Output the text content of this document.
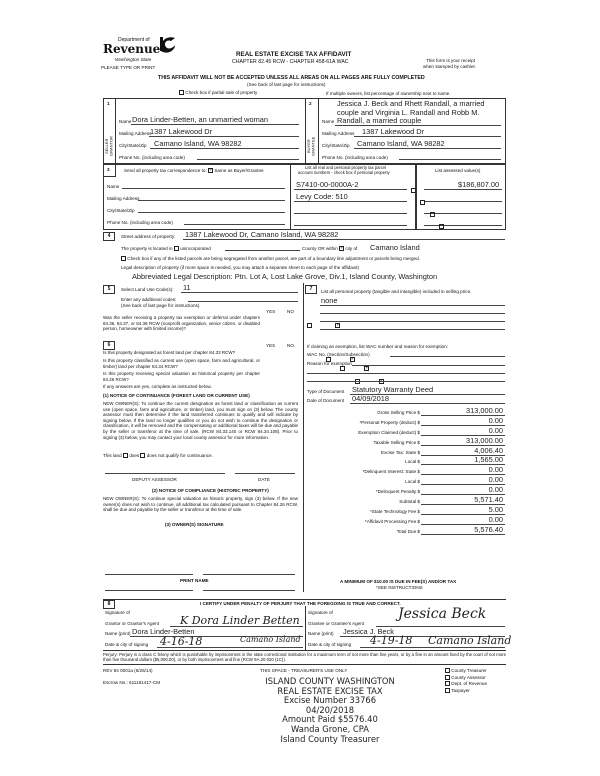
Department of
Revenue
Washington State
PLEASE TYPE OR PRINT
REAL ESTATE EXCISE TAX AFFIDAVIT
CHAPTER 82.45 RCW - CHAPTER 458-61A WAC	This form is your receipt
when stamped by cashier.
THIS AFFIDAVIT WILL NOT BE ACCEPTED UNLESS ALL AREAS ON ALL PAGES ARE FULLY COMPLETED
(See back of last page for instructions)
Check box if partial sale of property	If multiple owners, list percentage of ownership next to name.
1
SELLER GRANTOR
Name Dora Linder-Betten, an unmarried woman
Mailing Address
1387 Lakewood Dr
City/State/Zip Camano Island, WA 98282
Phone No. (including area code)
2
BUYER GRANTEE
Jessica J. Beck and Rhett Randall, a married
couple and Virginia L. Randall and Robb M.
Name Randall, a married couple
Mailing Address 1387 Lakewood Dr
City/State/Zip Camano Island, WA 98282
Phone No. (including area code)
3	Send all property tax correspondence to: ✓ Same as Buyer/Grantee
Name
Mailing Address
City/State/Zip
Phone No. (including area code)
List all real and personal property tax parcel
account numbers - check box if personal property	List assessed value(s)
S7410-00-0000A-2
Levy Code: 510
$186,807.00

4	Street address of property: 1387 Lakewood Dr, Camano Island, WA 98282
The property is located in unincorporated	County OR within ✓ city of Camano Island
Check box if any of the listed parcels are being segregated from another parcel, are part of a boundary line adjustment or parcels being merged.
Legal description of property (if more space is needed, you may attach a separate sheet to each page of the affidavit)
Abbreviated Legal Description: Ptn. Lot A, Lost Lake Grove, Div.1, Island County, Washington
5	Select Land Use Code(s): 11
Enter any additional codes:
(See back of last page for instructions)
YES	NO
Was the seller receiving a property tax exemption or deferral under chapters 84.36, 84.37, or 84.38 RCW (nonprofit organization, senior citizen, or disabled person, homeowner with limited income)?
✓
7	List all personal property (tangible and intangible) included in selling price.
none
6	YES	NO
Is this property designated as forest land per chapter 84.33 RCW?
✓
Is this property classified as current use (open space, farm and agricultural, or timber) land per chapter 84.34 RCW?
✓
Is this property receiving special valuation as historical property per chapter 84.26 RCW?
✓
If any answers are yes, complete as instructed below.
(1) NOTICE OF CONTINUANCE (FOREST LAND OR CURRENT USE)
NEW OWNER(S): To continue the current designation as forest land or classification as current use (open space, farm and agriculture, or timber) land, you must sign on (3) below. The county assessor must then determine if the land transferred continues to qualify and will indicate by signing below. If the land no longer qualifies or you do not wish to continue the designation or classification, it will be removed and the compensating or additional taxes will be due and payable by the seller or transferor at the time of sale. (RCW 84.33.140 or RCW 84.34.108). Prior to signing (3) below, you may contact your local county assessor for more information.
This land does does not qualify for continuance.
DEPUTY ASSESSOR	DATE
(2) NOTICE OF COMPLIANCE (HISTORIC PROPERTY)
NEW OWNER(S): To continue special valuation as historic property, sign (3) below. If the new owner(s) does not wish to continue, all additional tax calculated pursuant to Chapter 84.26 RCW, shall be due and payable by the seller or transferor at the time of sale.
(3) OWNER(S) SIGNATURE
PRINT NAME
If claiming an exemption, list WAC number and reason for exemption:
WAC No. (Section/Subsection)
Reason for exemption
Type of Document Statutory Warranty Deed
Date of Document 04/09/2018
Gross Selling Price $	313,000.00
*Personal Property (deduct) $	0.00
Exemption Claimed (deduct) $	0.00
Taxable Selling Price $	313,000.00
Excise Tax: State $	4,006.40
Local $	1,565.00
*Delinquent Interest: State $	0.00
Local $	0.00
*Delinquent Penalty $	0.00
Subtotal $	5,571.40
*State Technology Fee $	5.00
*Affidavit Processing Fee $	0.00
Total Due $	5,576.40
A MINIMUM OF $10.00 IS DUE IN FEE(S) AND/OR TAX
*SEE INSTRUCTIONS
8	I CERTIFY UNDER PENALTY OF PERJURY THAT THE FOREGOING IS TRUE AND CORRECT.
Signature of
Grantor or Grantor's Agent K Dora Linder Betten
Name (print) Dora Linder-Betten
Date & city of signing 4-16-18	Camano Island
Signature of
Grantee or Grantee's Agent
Jessica Beck
Name (print) Jessica J. Beck
Date & city of signing 4-19-18 Camano Island
Perjury: Perjury is a class C felony which is punishable by imprisonment in the state correctional institution for a maximum term of not more than five years, or by a fine in an amount fixed by the court of not more than five thousand dollars ($5,000.00), or by both imprisonment and fine (RCW 9A.20.020 (1C)).
REV 84 0001a (6/26/14)	THIS SPACE - TREASURER'S USE ONLY
Escrow No.: 611181417-CM
County Treasurer
County Assessor
Dept. of Revenue
Taxpayer
ISLAND COUNTY WASHINGTON
REAL ESTATE EXCISE TAX
Excise Number 33766
04/20/2018
Amount Paid $5576.40
Wanda Grone, CPA
Island County Treasurer
